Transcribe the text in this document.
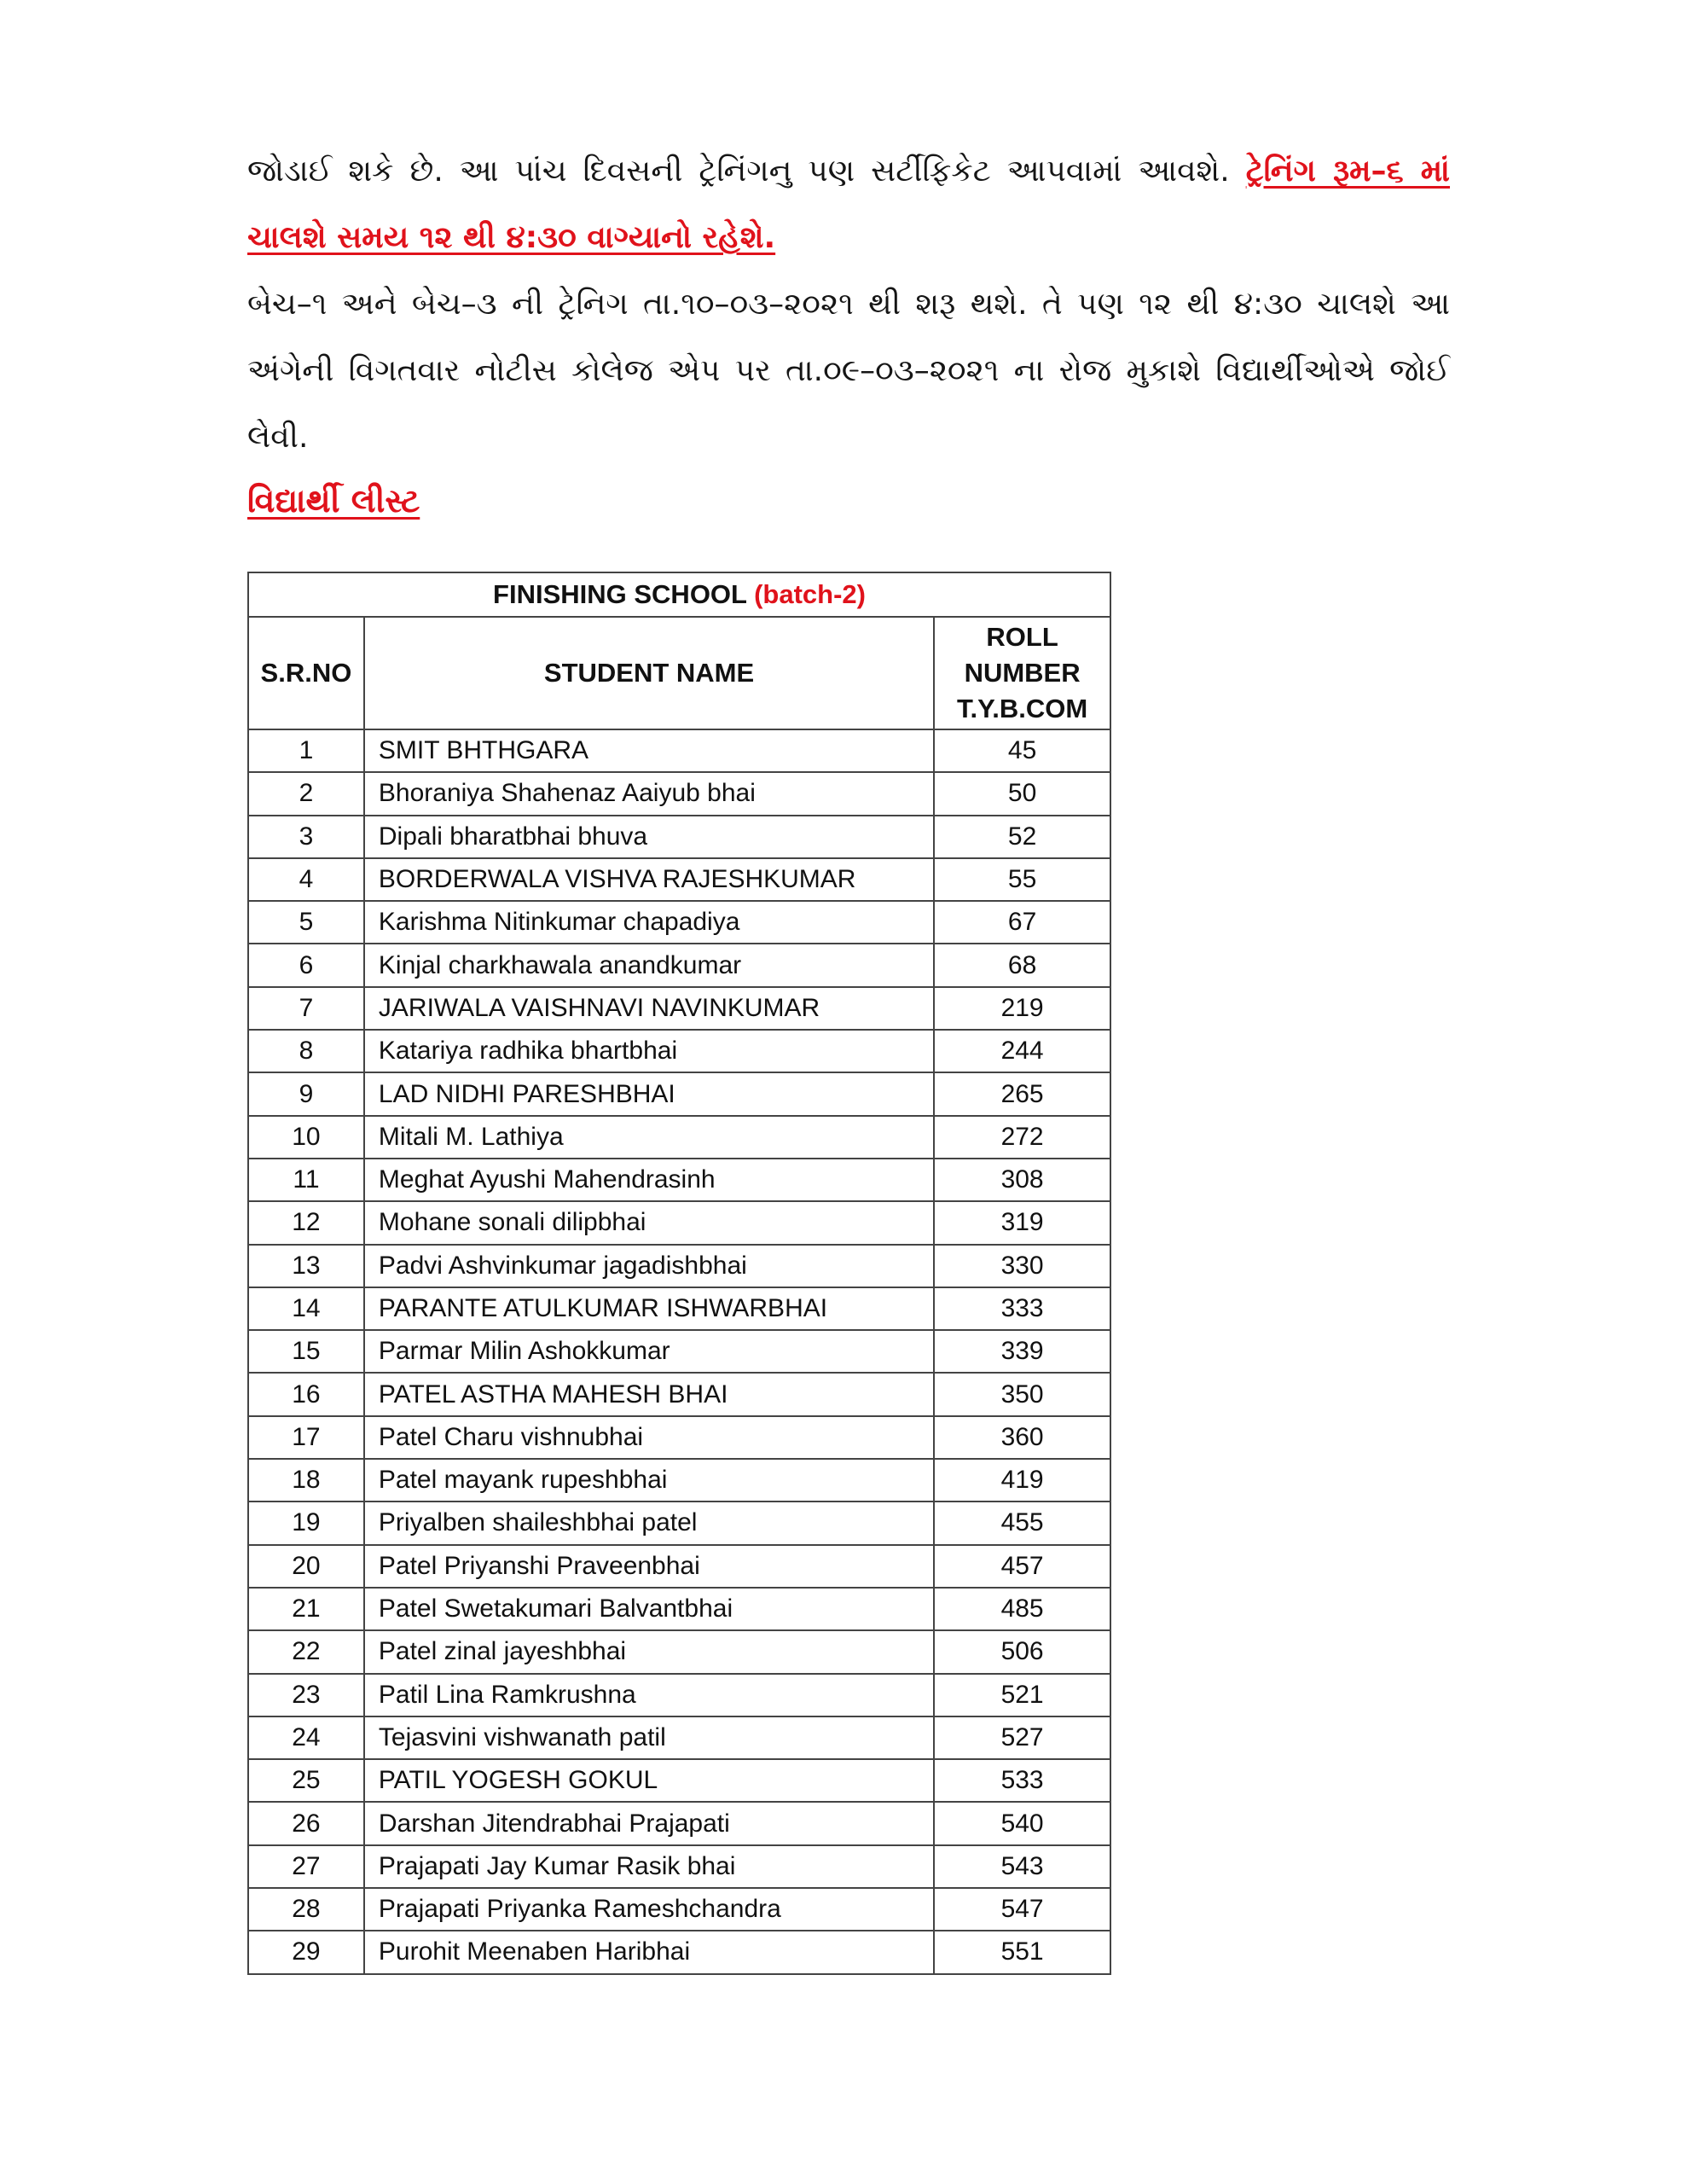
જોડાઈ શકે છે. આ પાંચ દિવસની ટ્રેનિંગનુ પણ સર્ટીફિકેટ આપવામાં આવશે. ટ્રેનિંગ રૂમ–૬ માં ચાલશે સમય ૧૨ થી ૪:૩૦ વાગ્યાનો રહેશે.
બેચ–૧ અને બેચ–૩ ની ટ્રેનિગ તા.૧૦–૦૩–૨૦૨૧ થી શરૂ થશે. તે પણ ૧૨ થી ૪:૩૦ ચાલશે આ અંગેની વિગતવાર નોટીસ કોલેજ એપ પર તા.૦૯–૦૩–૨૦૨૧ ના રોજ મુકાશે વિદ્યાર્થીઓએ જોઈ લેવી.
વિદ્યાર્થી લીસ્ટ
FINISHING SCHOOL (batch-2)		
S.R.NO	STUDENT NAME	ROLL
NUMBER
T.Y.B.COM
1	SMIT BHTHGARA	45
2	Bhoraniya Shahenaz Aaiyub bhai	50
3	Dipali bharatbhai bhuva	52
4	BORDERWALA VISHVA RAJESHKUMAR	55
5	Karishma Nitinkumar chapadiya	67
6	Kinjal charkhawala anandkumar	68
7	JARIWALA VAISHNAVI NAVINKUMAR	219
8	Katariya radhika bhartbhai	244
9	LAD NIDHI PARESHBHAI	265
10	Mitali M. Lathiya	272
11	Meghat Ayushi Mahendrasinh	308
12	Mohane sonali dilipbhai	319
13	Padvi Ashvinkumar jagadishbhai	330
14	PARANTE ATULKUMAR ISHWARBHAI	333
15	Parmar Milin Ashokkumar	339
16	PATEL ASTHA MAHESH BHAI	350
17	Patel Charu vishnubhai	360
18	Patel mayank rupeshbhai	419
19	Priyalben shaileshbhai patel	455
20	Patel Priyanshi Praveenbhai	457
21	Patel Swetakumari Balvantbhai	485
22	Patel zinal jayeshbhai	506
23	Patil Lina Ramkrushna	521
24	Tejasvini vishwanath patil	527
25	PATIL YOGESH GOKUL	533
26	Darshan Jitendrabhai Prajapati	540
27	Prajapati Jay Kumar Rasik bhai	543
28	Prajapati Priyanka Rameshchandra	547
29	Purohit Meenaben Haribhai	551
